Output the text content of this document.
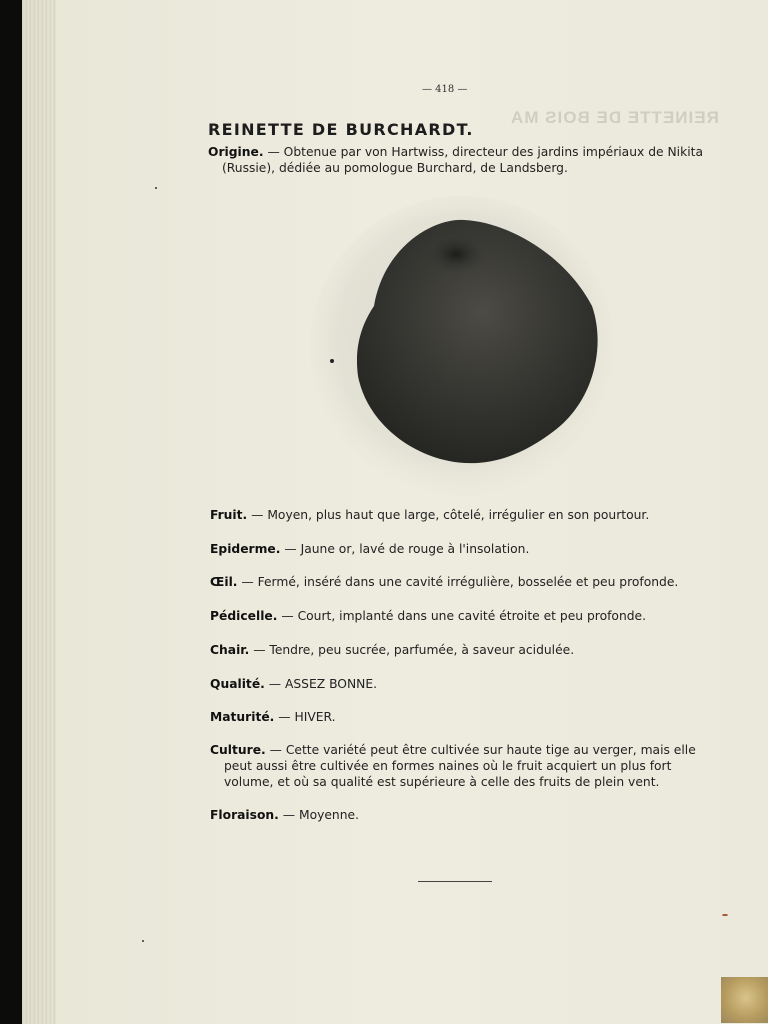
REINETTE DE BOIS MA
— 418 —
REINETTE DE BURCHARDT.
Origine. — Obtenue par von Hartwiss, directeur des jardins impériaux de Nikita (Russie), dédiée au pomologue Burchard, de Landsberg.
Fruit. — Moyen, plus haut que large, côtelé, irrégulier en son pourtour.
Epiderme. — Jaune or, lavé de rouge à l'insolation.
Œil. — Fermé, inséré dans une cavité irrégulière, bosselée et peu profonde.
Pédicelle. — Court, implanté dans une cavité étroite et peu profonde.
Chair. — Tendre, peu sucrée, parfumée, à saveur acidulée.
Qualité. — ASSEZ BONNE.
Maturité. — HIVER.
Culture. — Cette variété peut être cultivée sur haute tige au verger, mais elle peut aussi être cultivée en formes naines où le fruit acquiert un plus fort volume, et où sa qualité est supérieure à celle des fruits de plein vent.
Floraison. — Moyenne.
